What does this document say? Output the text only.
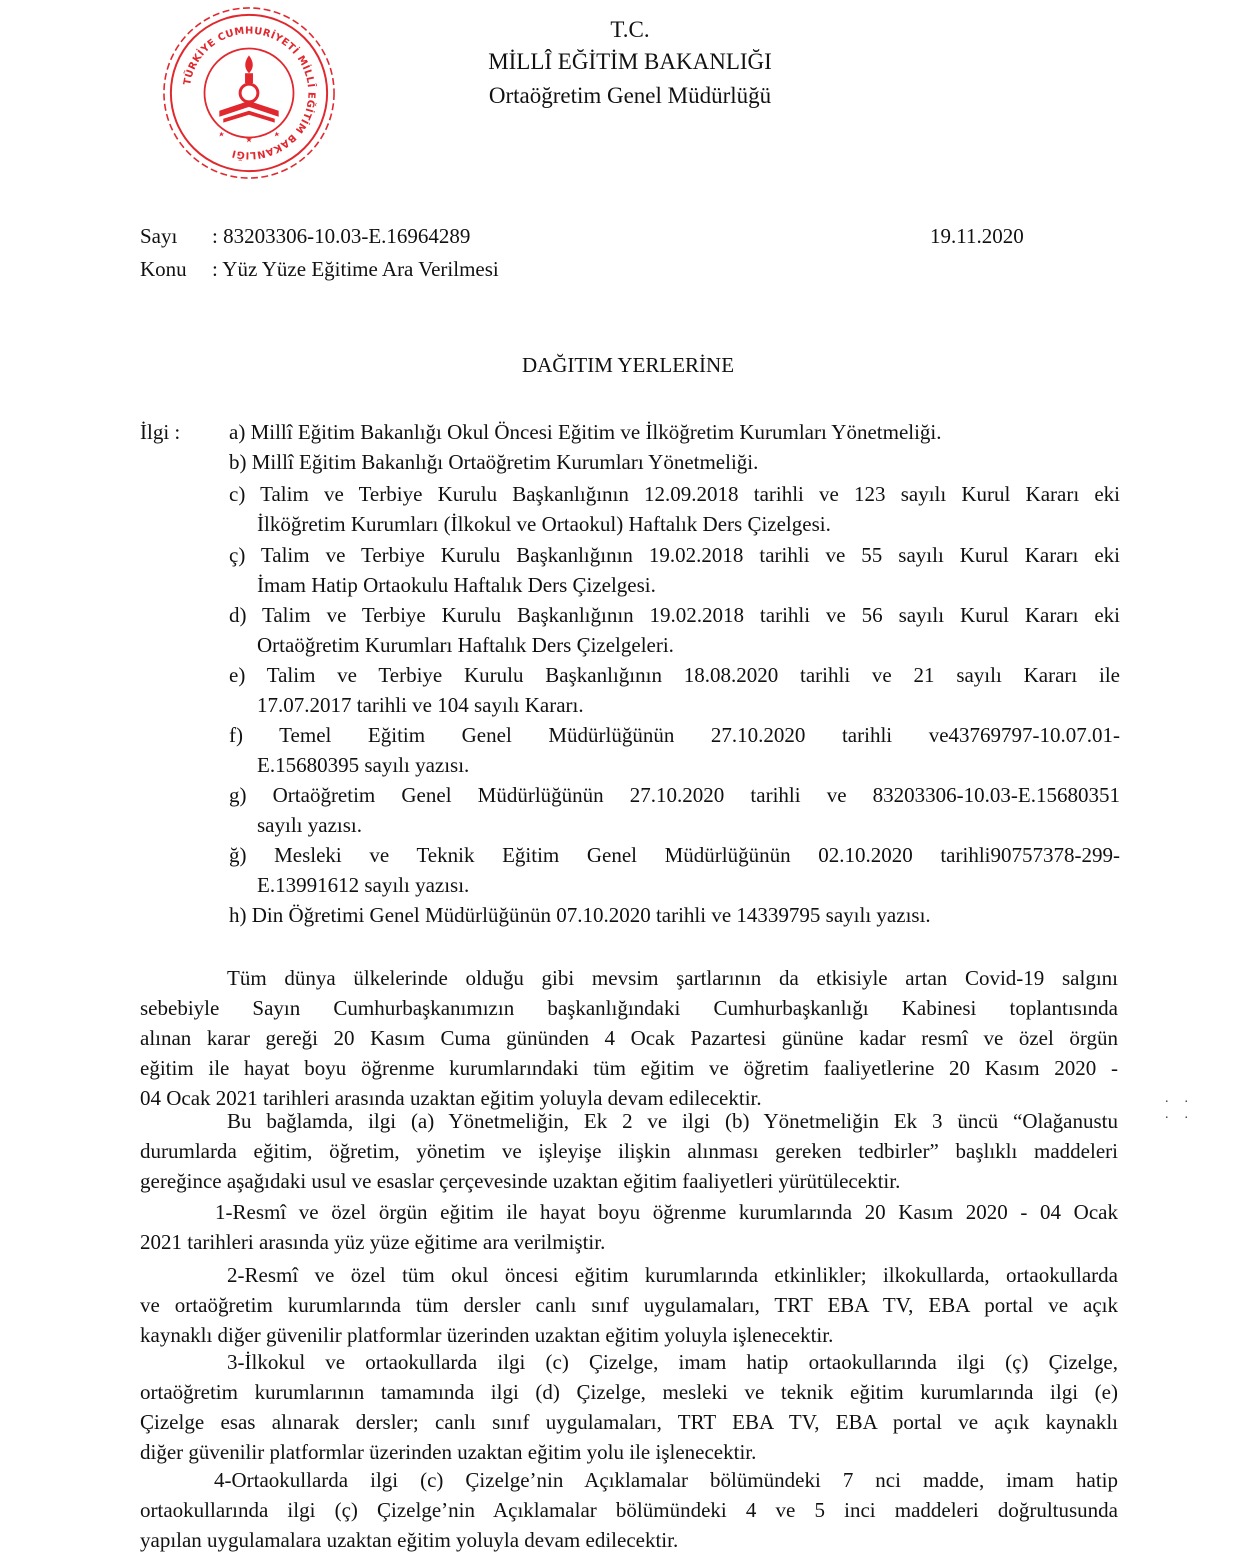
TÜRKİYE CUMHURİYETİ MİLLÎ EĞİTİM BAKANLIĞI
T.C.
MİLLÎ EĞİTİM BAKANLIĞI
Ortaöğretim Genel Müdürlüğü
Sayı : 83203306-10.03-E.16964289
Konu : Yüz Yüze Eğitime Ara Verilmesi
19.11.2020
DAĞITIM YERLERİNE
İlgi : a) Millî Eğitim Bakanlığı Okul Öncesi Eğitim ve İlköğretim Kurumları Yönetmeliği.
b) Millî Eğitim Bakanlığı Ortaöğretim Kurumları Yönetmeliği.
c) Talim ve Terbiye Kurulu Başkanlığının 12.09.2018 tarihli ve 123 sayılı Kurul Kararı eki
İlköğretim Kurumları (İlkokul ve Ortaokul) Haftalık Ders Çizelgesi.
ç) Talim ve Terbiye Kurulu Başkanlığının 19.02.2018 tarihli ve 55 sayılı Kurul Kararı eki
İmam Hatip Ortaokulu Haftalık Ders Çizelgesi.
d) Talim ve Terbiye Kurulu Başkanlığının 19.02.2018 tarihli ve 56 sayılı Kurul Kararı eki
Ortaöğretim Kurumları Haftalık Ders Çizelgeleri.
e) Talim ve Terbiye Kurulu Başkanlığının 18.08.2020 tarihli ve 21 sayılı Kararı ile
17.07.2017 tarihli ve 104 sayılı Kararı.
f) Temel Eğitim Genel Müdürlüğünün 27.10.2020 tarihli ve43769797-10.07.01-
E.15680395 sayılı yazısı.
g) Ortaöğretim Genel Müdürlüğünün 27.10.2020 tarihli ve 83203306-10.03-E.15680351
sayılı yazısı.
ğ) Mesleki ve Teknik Eğitim Genel Müdürlüğünün 02.10.2020 tarihli90757378-299-
E.13991612 sayılı yazısı.
h) Din Öğretimi Genel Müdürlüğünün 07.10.2020 tarihli ve 14339795 sayılı yazısı.
Tüm dünya ülkelerinde olduğu gibi mevsim şartlarının da etkisiyle artan Covid-19 salgını
sebebiyle Sayın Cumhurbaşkanımızın başkanlığındaki Cumhurbaşkanlığı Kabinesi toplantısında
alınan karar gereği 20 Kasım Cuma gününden 4 Ocak Pazartesi gününe kadar resmî ve özel örgün
eğitim ile hayat boyu öğrenme kurumlarındaki tüm eğitim ve öğretim faaliyetlerine 20 Kasım 2020 -
04 Ocak 2021 tarihleri arasında uzaktan eğitim yoluyla devam edilecektir.
Bu bağlamda, ilgi (a) Yönetmeliğin, Ek 2 ve ilgi (b) Yönetmeliğin Ek 3 üncü “Olağanustu
durumlarda eğitim, öğretim, yönetim ve işleyişe ilişkin alınması gereken tedbirler” başlıklı maddeleri
gereğince aşağıdaki usul ve esaslar çerçevesinde uzaktan eğitim faaliyetleri yürütülecektir.
1-Resmî ve özel örgün eğitim ile hayat boyu öğrenme kurumlarında 20 Kasım 2020 - 04 Ocak
2021 tarihleri arasında yüz yüze eğitime ara verilmiştir.
2-Resmî ve özel tüm okul öncesi eğitim kurumlarında etkinlikler; ilkokullarda, ortaokullarda
ve ortaöğretim kurumlarında tüm dersler canlı sınıf uygulamaları, TRT EBA TV, EBA portal ve açık
kaynaklı diğer güvenilir platformlar üzerinden uzaktan eğitim yoluyla işlenecektir.
3-İlkokul ve ortaokullarda ilgi (c) Çizelge, imam hatip ortaokullarında ilgi (ç) Çizelge,
ortaöğretim kurumlarının tamamında ilgi (d) Çizelge, mesleki ve teknik eğitim kurumlarında ilgi (e)
Çizelge esas alınarak dersler; canlı sınıf uygulamaları, TRT EBA TV, EBA portal ve açık kaynaklı
diğer güvenilir platformlar üzerinden uzaktan eğitim yolu ile işlenecektir.
4-Ortaokullarda ilgi (c) Çizelge’nin Açıklamalar bölümündeki 7 nci madde, imam hatip
ortaokullarında ilgi (ç) Çizelge’nin Açıklamalar bölümündeki 4 ve 5 inci maddeleri doğrultusunda
yapılan uygulamalara uzaktan eğitim yoluyla devam edilecektir.
.. ..
